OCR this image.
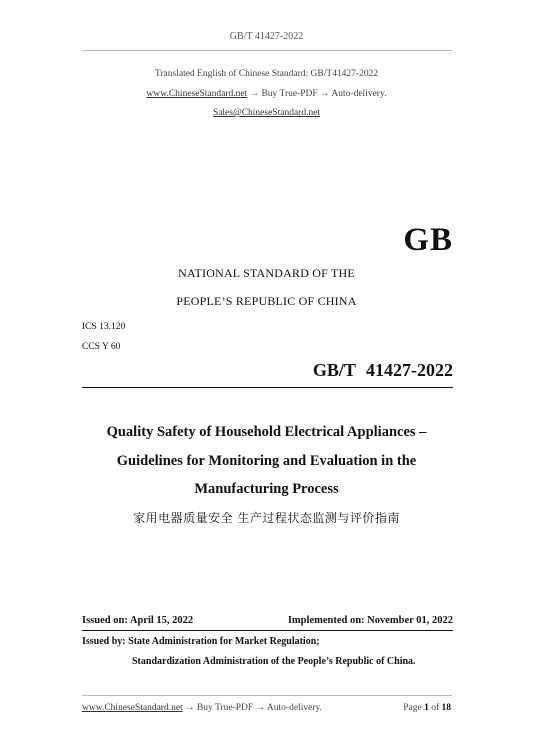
GB/T 41427-2022
Translated English of Chinese Standard: GB/T41427-2022
www.ChineseStandard.net → Buy True-PDF → Auto-delivery.
Sales@ChineseStandard.net
GB
NATIONAL STANDARD OF THE
PEOPLE’S REPUBLIC OF CHINA
ICS 13.120
CCS Y 60
GB/T 41427-2022
Quality Safety of Household Electrical Appliances –
Guidelines for Monitoring and Evaluation in the
Manufacturing Process
家用电器质量安全 生产过程状态监测与评价指南
Issued on: April 15, 2022	Implemented on: November 01, 2022
Issued by: State Administration for Market Regulation;
Standardization Administration of the People’s Republic of China.
www.ChineseStandard.net → Buy True-PDF → Auto-delivery.	Page 1 of 18
